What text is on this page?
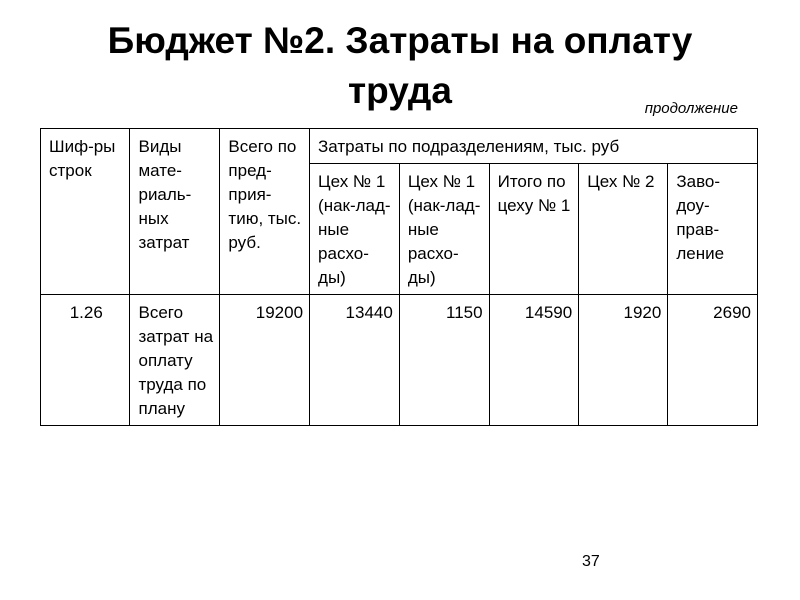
Бюджет №2. Затраты на оплату
труда	продолжение
Шиф-ры строк	Виды мате-риаль-ных затрат	Всего по пред-прия-тию, тыс. руб.	Затраты по подразделениям, тыс. руб				
			Цех № 1 (нак-лад-ные расхо-ды)	Цех № 1 (нак-лад-ные расхо-ды)	Итого по цеху № 1	Цех № 2	Заво-доу-прав-ление
1.26	Всего затрат на оплату труда по плану	19200	13440	1150	14590	1920	2690
37
